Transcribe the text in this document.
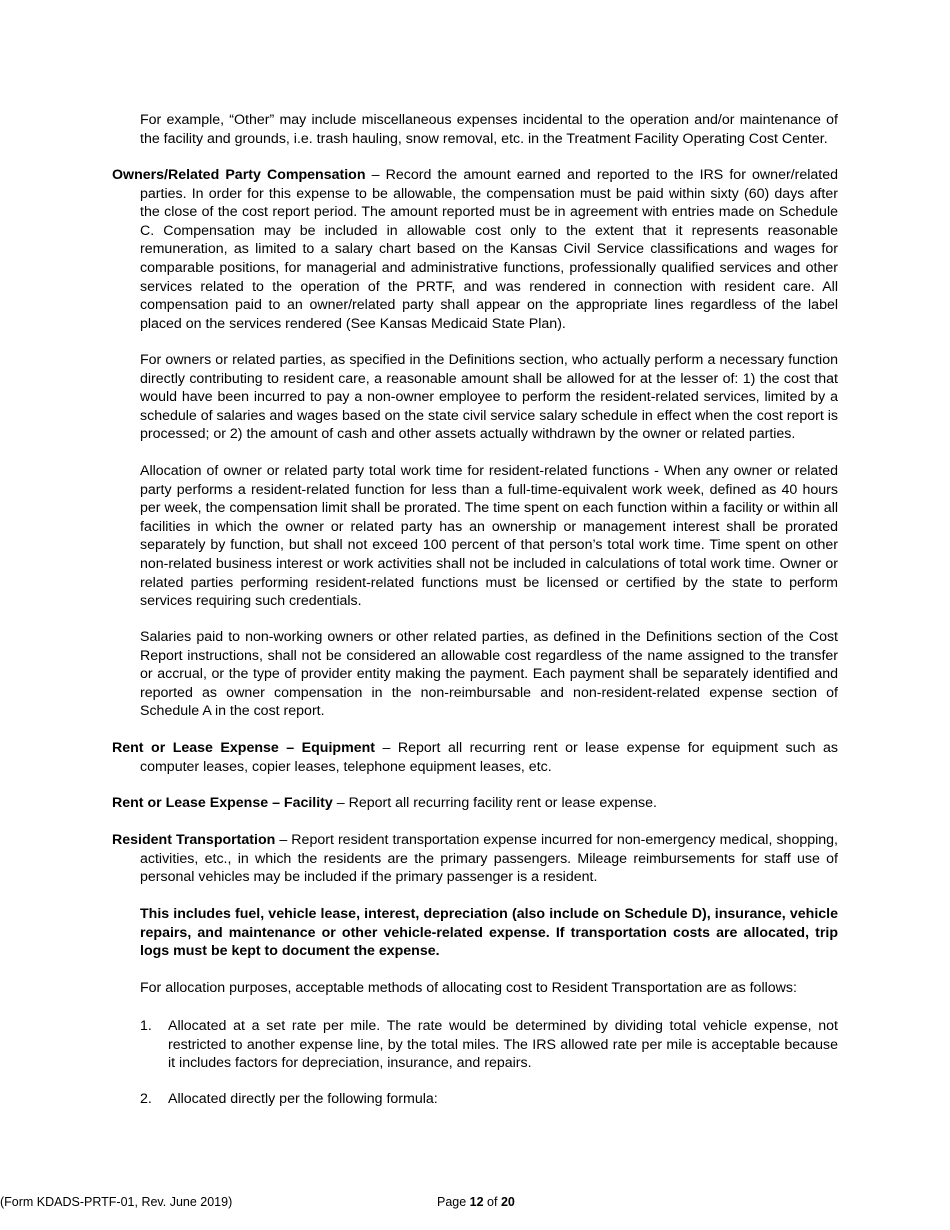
For example, “Other” may include miscellaneous expenses incidental to the operation and/or maintenance of the facility and grounds, i.e. trash hauling, snow removal, etc. in the Treatment Facility Operating Cost Center.

Owners/Related Party Compensation – Record the amount earned and reported to the IRS for owner/related parties. In order for this expense to be allowable, the compensation must be paid within sixty (60) days after the close of the cost report period. The amount reported must be in agreement with entries made on Schedule C. Compensation may be included in allowable cost only to the extent that it represents reasonable remuneration, as limited to a salary chart based on the Kansas Civil Service classifications and wages for comparable positions, for managerial and administrative functions, professionally qualified services and other services related to the operation of the PRTF, and was rendered in connection with resident care. All compensation paid to an owner/related party shall appear on the appropriate lines regardless of the label placed on the services rendered (See Kansas Medicaid State Plan).

For owners or related parties, as specified in the Definitions section, who actually perform a necessary function directly contributing to resident care, a reasonable amount shall be allowed for at the lesser of: 1) the cost that would have been incurred to pay a non-owner employee to perform the resident-related services, limited by a schedule of salaries and wages based on the state civil service salary schedule in effect when the cost report is processed; or 2) the amount of cash and other assets actually withdrawn by the owner or related parties.

Allocation of owner or related party total work time for resident-related functions - When any owner or related party performs a resident-related function for less than a full-time-equivalent work week, defined as 40 hours per week, the compensation limit shall be prorated. The time spent on each function within a facility or within all facilities in which the owner or related party has an ownership or management interest shall be prorated separately by function, but shall not exceed 100 percent of that person’s total work time. Time spent on other non-related business interest or work activities shall not be included in calculations of total work time. Owner or related parties performing resident-related functions must be licensed or certified by the state to perform services requiring such credentials.

Salaries paid to non-working owners or other related parties, as defined in the Definitions section of the Cost Report instructions, shall not be considered an allowable cost regardless of the name assigned to the transfer or accrual, or the type of provider entity making the payment. Each payment shall be separately identified and reported as owner compensation in the non-reimbursable and non-resident-related expense section of Schedule A in the cost report.

Rent or Lease Expense – Equipment – Report all recurring rent or lease expense for equipment such as computer leases, copier leases, telephone equipment leases, etc.

Rent or Lease Expense – Facility – Report all recurring facility rent or lease expense.

Resident Transportation – Report resident transportation expense incurred for non-emergency medical, shopping, activities, etc., in which the residents are the primary passengers. Mileage reimbursements for staff use of personal vehicles may be included if the primary passenger is a resident.

This includes fuel, vehicle lease, interest, depreciation (also include on Schedule D), insurance, vehicle repairs, and maintenance or other vehicle-related expense. If transportation costs are allocated, trip logs must be kept to document the expense.

For allocation purposes, acceptable methods of allocating cost to Resident Transportation are as follows:

1. Allocated at a set rate per mile. The rate would be determined by dividing total vehicle expense, not restricted to another expense line, by the total miles. The IRS allowed rate per mile is acceptable because it includes factors for depreciation, insurance, and repairs.
2. Allocated directly per the following formula:
(Form KDADS-PRTF-01, Rev. June 2019)	Page 12 of 20
